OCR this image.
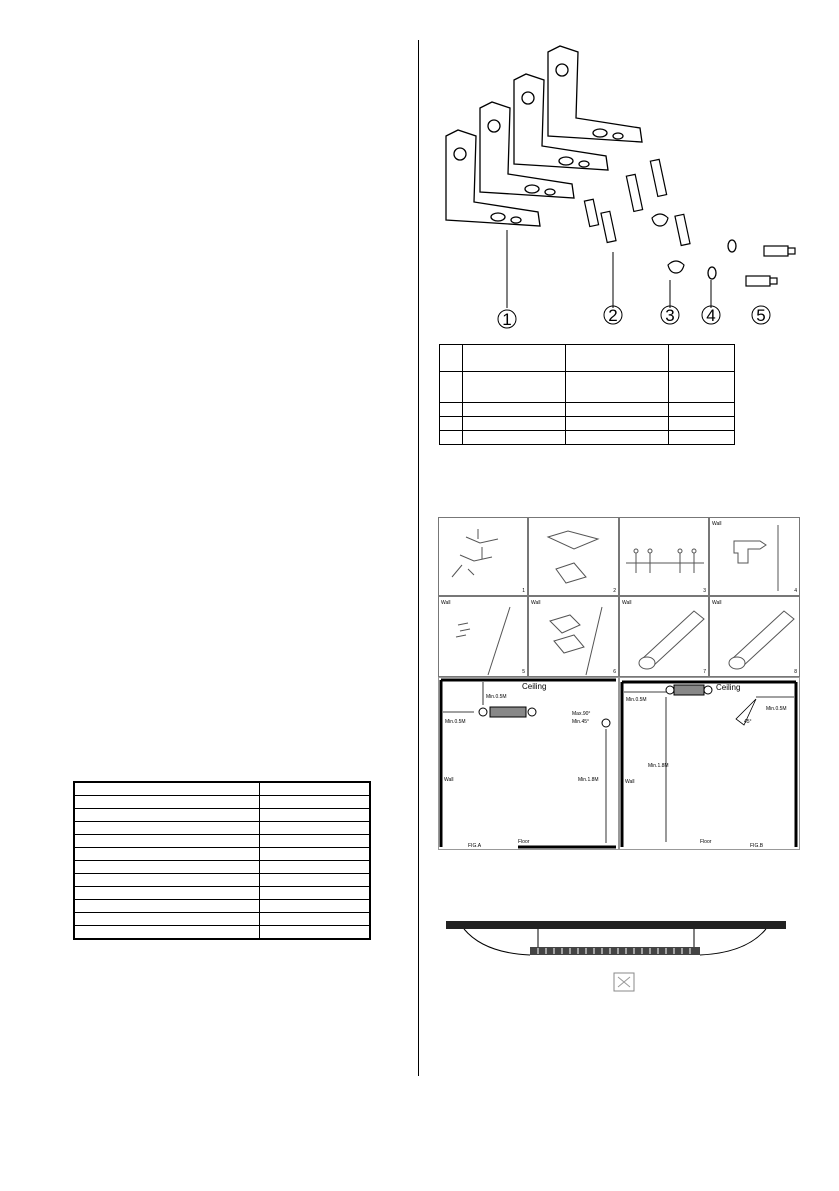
1	2	3 4 5

1	2	3	4
5	6	7	8
Wall
Wall	Wall	Wall	Wall
Ceiling
Min.0.5M
Min.0.5M
Max.90°
Min.45°
Wall	Min.1.8M
Floor
FIG.A
Ceiling
Min.0.5M
Min.0.5M
45°
Min.1.8M
Wall
Floor
FIG.B
